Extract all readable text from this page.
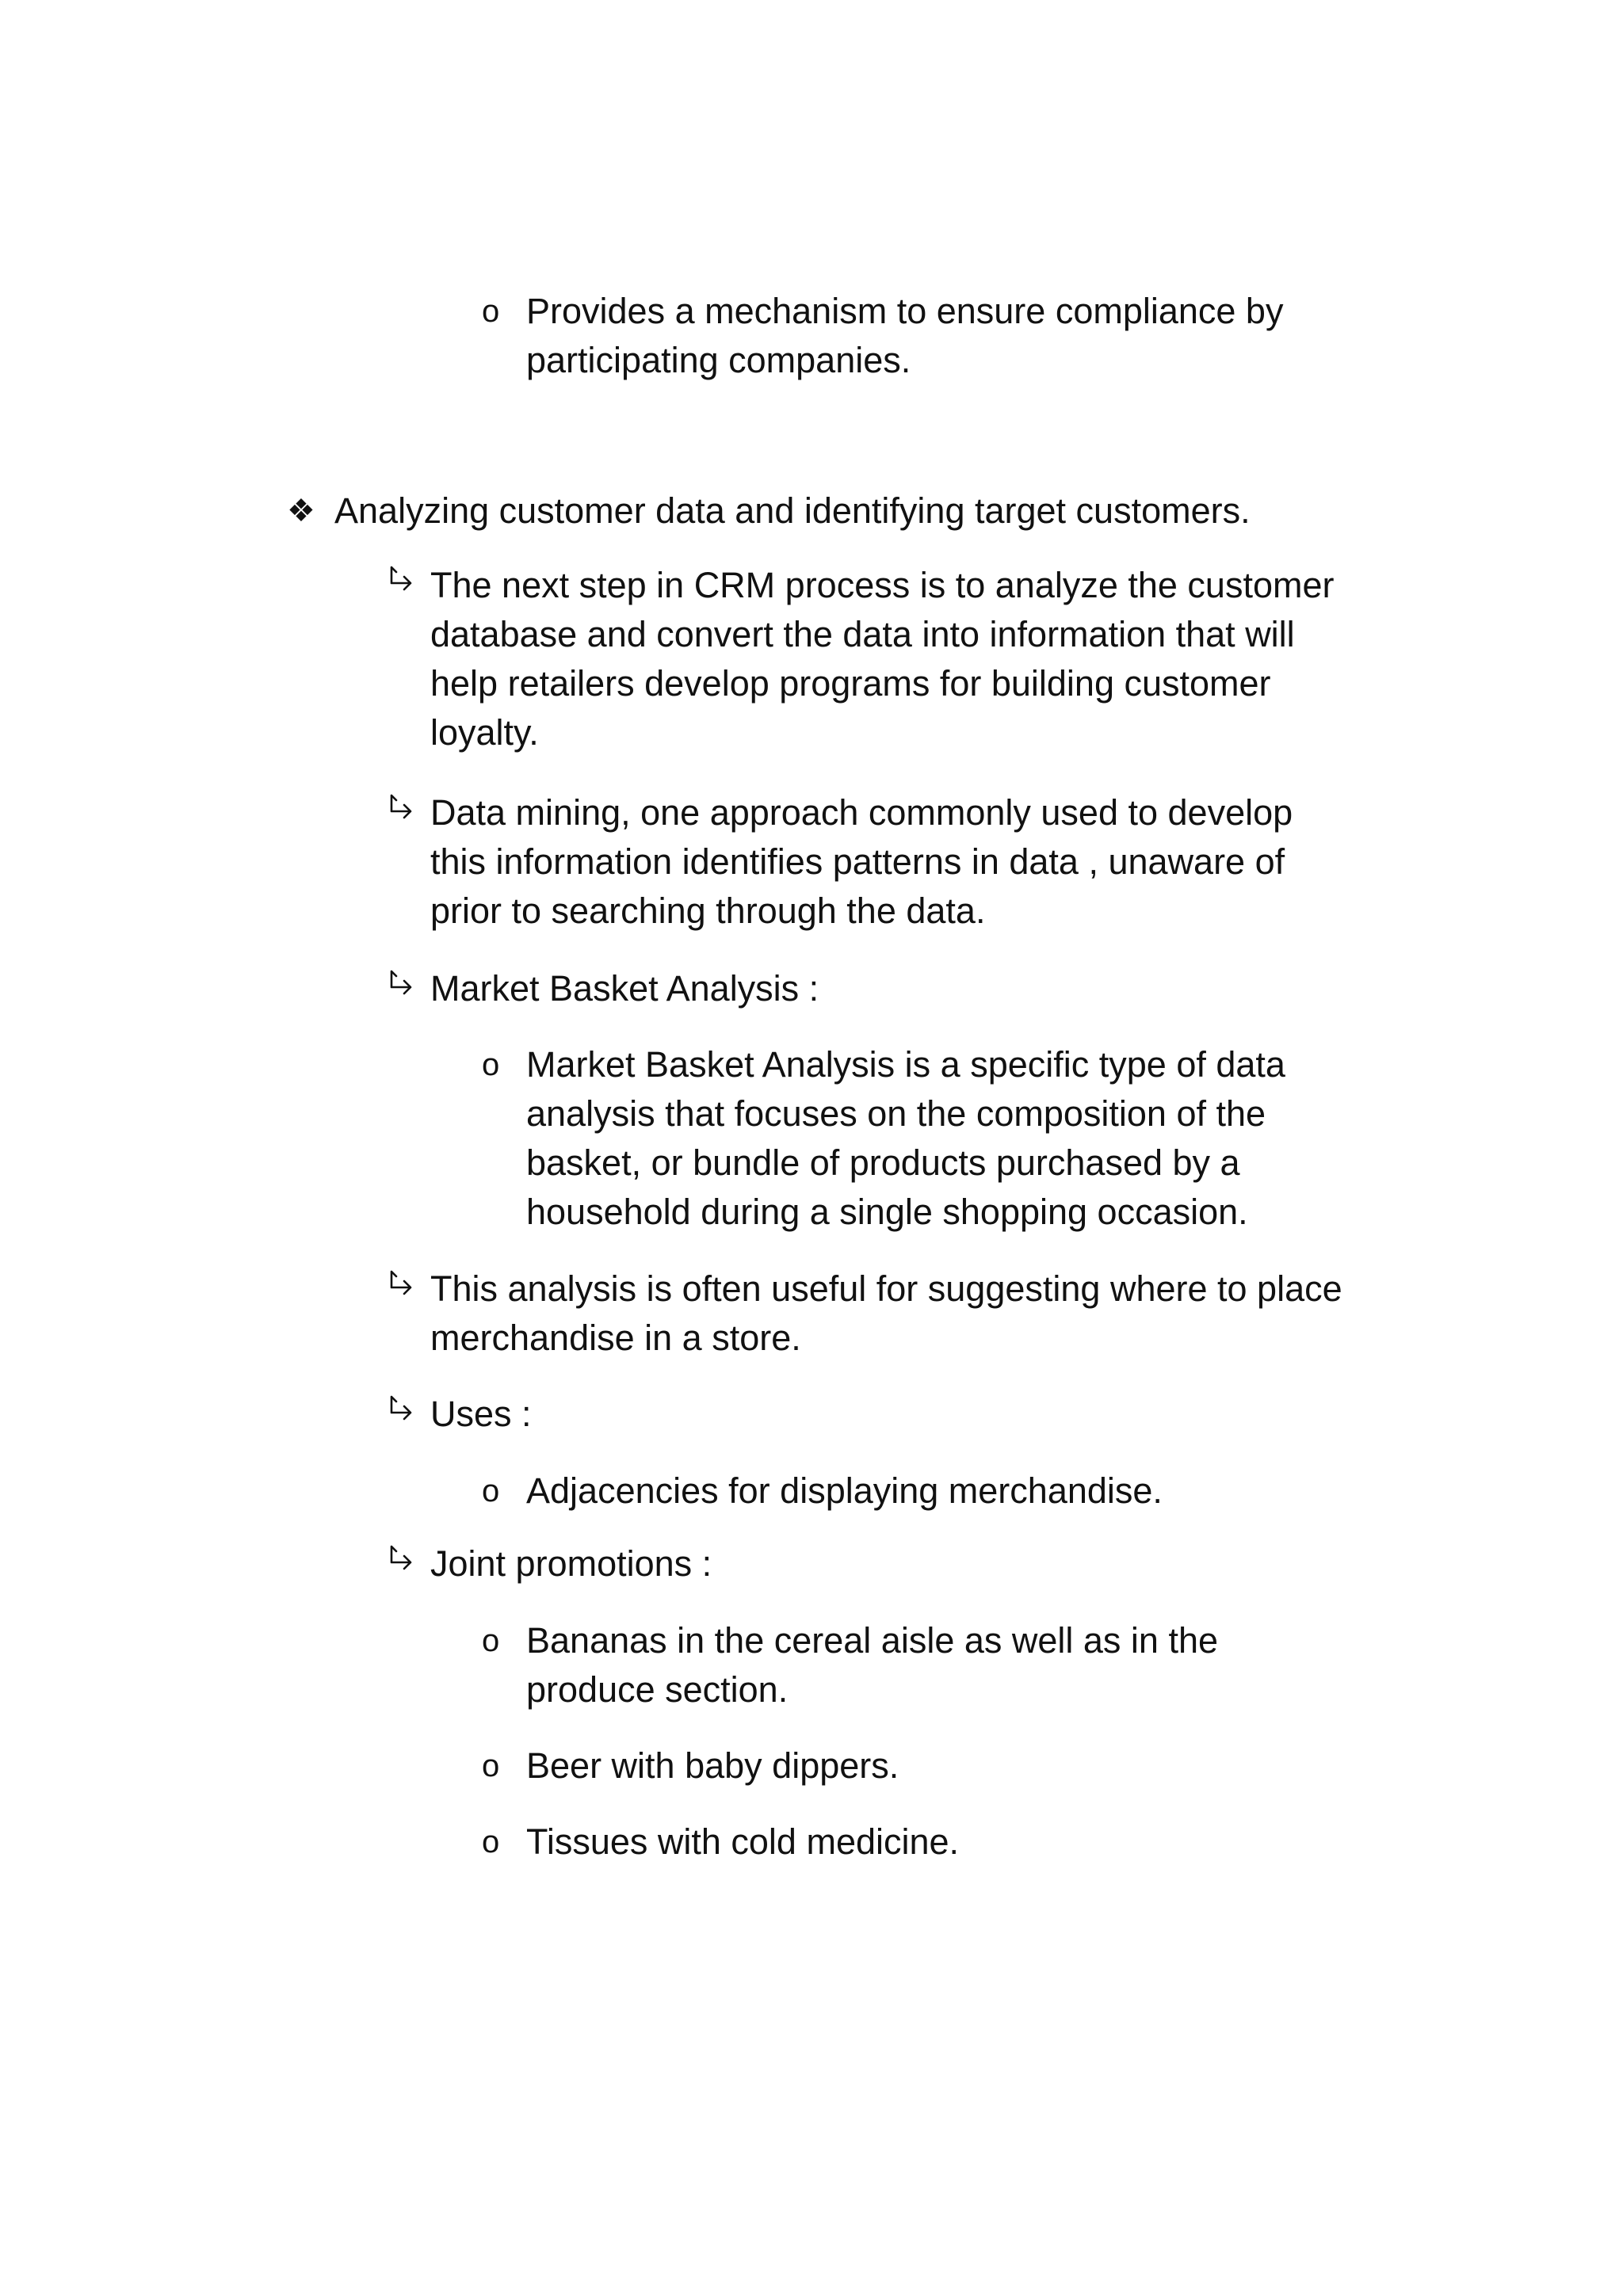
o Provides a mechanism to ensure compliance by
participating companies.
❖ Analyzing customer data and identifying target customers.
The next step in CRM process is to analyze the customer
database and convert the data into information that will
help retailers develop programs for building customer
loyalty.
Data mining, one approach commonly used to develop
this information identifies patterns in data , unaware of
prior to searching through the data.
Market Basket Analysis :
o Market Basket Analysis is a specific type of data
analysis that focuses on the composition of the
basket, or bundle of products purchased by a
household during a single shopping occasion.
This analysis is often useful for suggesting where to place
merchandise in a store.
Uses :
o Adjacencies for displaying merchandise.
Joint promotions :
o Bananas in the cereal aisle as well as in the
produce section.
o Beer with baby dippers.
o Tissues with cold medicine.
